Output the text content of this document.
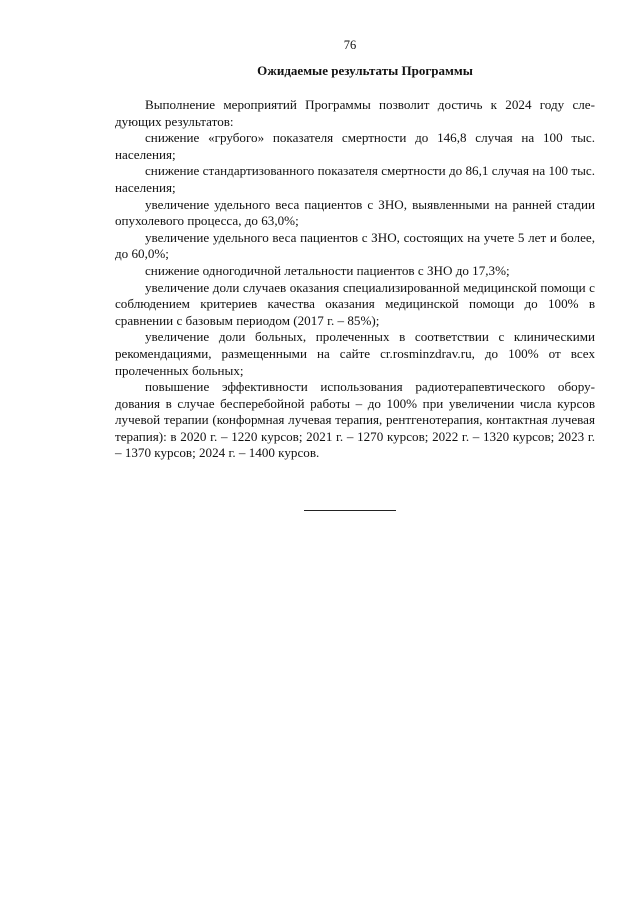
76
Ожидаемые результаты Программы

Выполнение мероприятий Программы позволит достичь к 2024 году следующих результатов:

снижение «грубого» показателя смертности до 146,8 случая на 100 тыс. населения;

снижение стандартизованного показателя смертности до 86,1 случая на 100 тыс. населения;

увеличение удельного веса пациентов с ЗНО, выявленными на ранней стадии опухолевого процесса, до 63,0%;

увеличение удельного веса пациентов с ЗНО, состоящих на учете 5 лет и более, до 60,0%;

снижение одногодичной летальности пациентов с ЗНО до 17,3%;

увеличение доли случаев оказания специализированной медицинской помощи с соблюдением критериев качества оказания медицинской помощи до 100% в сравнении с базовым периодом (2017 г. – 85%);

увеличение доли больных, пролеченных в соответствии с клиническими рекомендациями, размещенными на сайте cr.rosminzdrav.ru, до 100% от всех пролеченных больных;

повышение эффективности использования радиотерапевтического оборудования в случае бесперебойной работы – до 100% при увеличении числа курсов лучевой терапии (конформная лучевая терапия, рентгенотерапия, контактная лучевая терапия): в 2020 г. – 1220 курсов; 2021 г. – 1270 курсов; 2022 г. – 1320 курсов; 2023 г. – 1370 курсов; 2024 г. – 1400 курсов.
